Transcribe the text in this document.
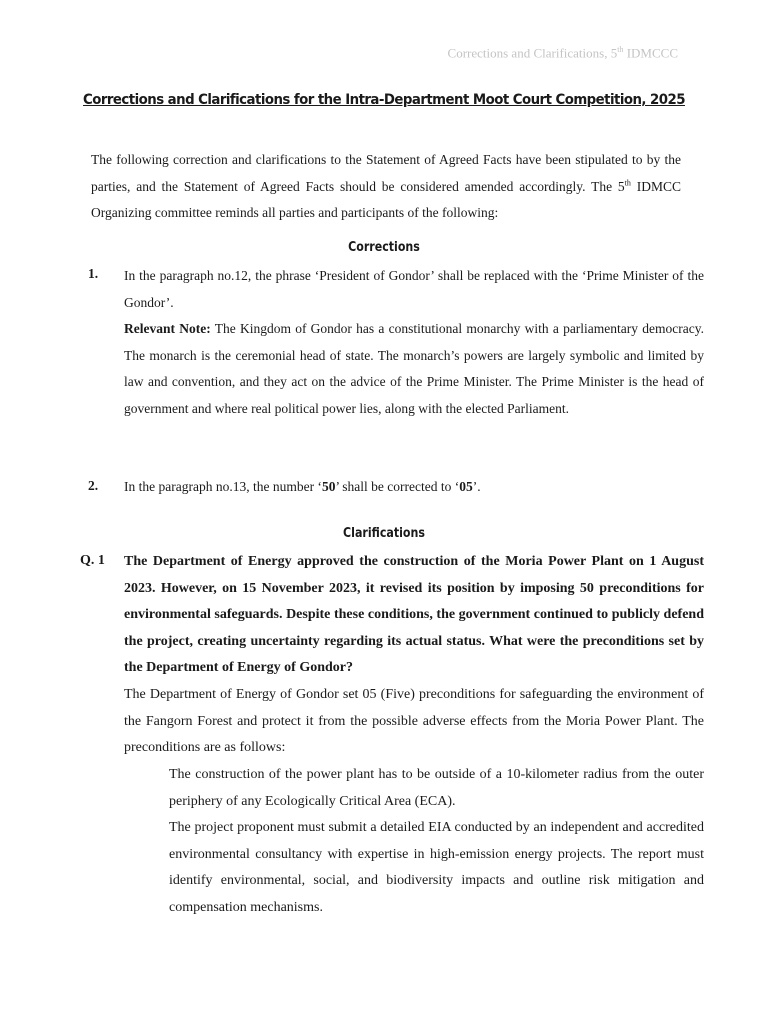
Corrections and Clarifications, 5th IDMCCC
Corrections and Clarifications for the Intra-Department Moot Court Competition, 2025
The following correction and clarifications to the Statement of Agreed Facts have been stipulated to by the parties, and the Statement of Agreed Facts should be considered amended accordingly. The 5th IDMCC Organizing committee reminds all parties and participants of the following:
Corrections
1. In the paragraph no.12, the phrase ‘President of Gondor’ shall be replaced with the ‘Prime Minister of the Gondor’.
Relevant Note: The Kingdom of Gondor has a constitutional monarchy with a parliamentary democracy. The monarch is the ceremonial head of state. The monarch’s powers are largely symbolic and limited by law and convention, and they act on the advice of the Prime Minister. The Prime Minister is the head of government and where real political power lies, along with the elected Parliament.
2. In the paragraph no.13, the number ‘50’ shall be corrected to ‘05’.
Clarifications
Q. 1 The Department of Energy approved the construction of the Moria Power Plant on 1 August 2023. However, on 15 November 2023, it revised its position by imposing 50 preconditions for environmental safeguards. Despite these conditions, the government continued to publicly defend the project, creating uncertainty regarding its actual status. What were the preconditions set by the Department of Energy of Gondor?
The Department of Energy of Gondor set 05 (Five) preconditions for safeguarding the environment of the Fangorn Forest and protect it from the possible adverse effects from the Moria Power Plant. The preconditions are as follows:
The construction of the power plant has to be outside of a 10-kilometer radius from the outer periphery of any Ecologically Critical Area (ECA).
The project proponent must submit a detailed EIA conducted by an independent and accredited environmental consultancy with expertise in high-emission energy projects. The report must identify environmental, social, and biodiversity impacts and outline risk mitigation and compensation mechanisms.
